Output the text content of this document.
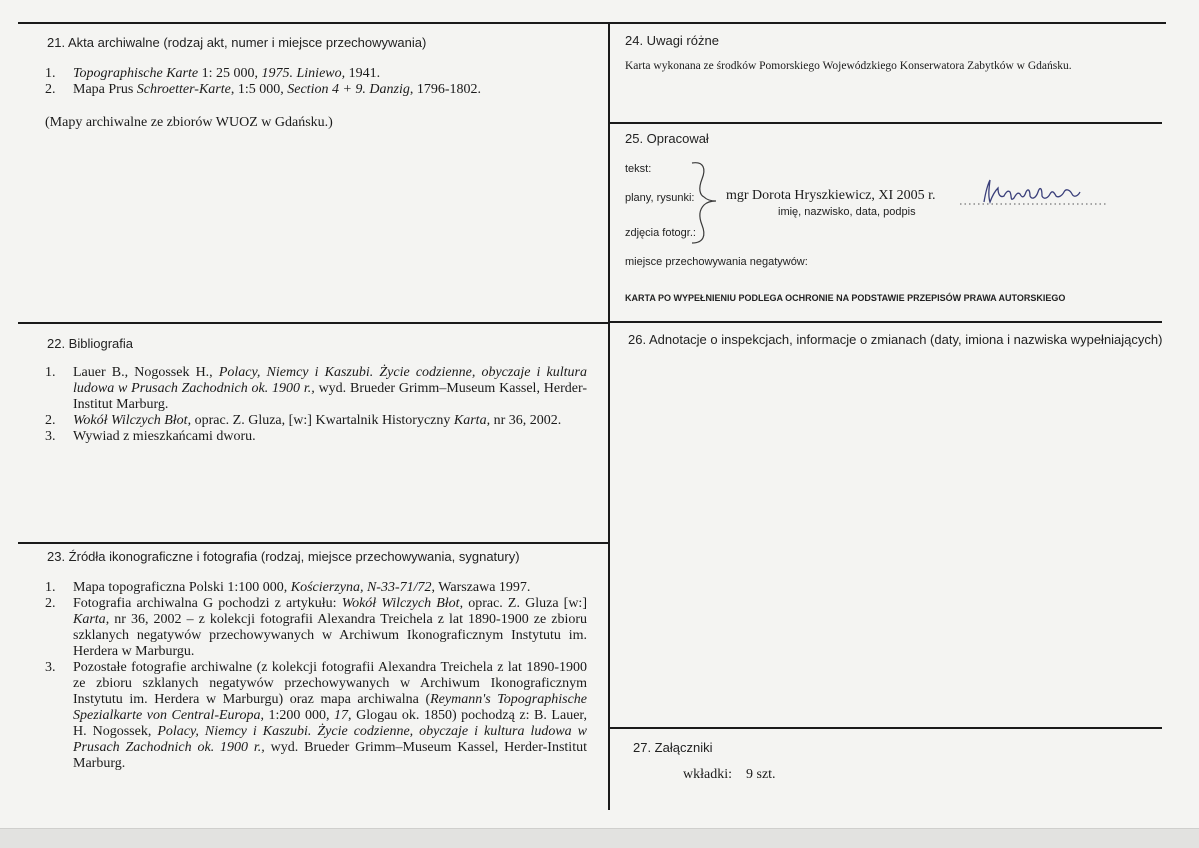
21. Akta archiwalne (rodzaj akt, numer i miejsce przechowywania)
1. Topographische Karte 1: 25 000, 1975. Liniewo, 1941.
2. Mapa Prus Schroetter-Karte, 1:5 000, Section 4 + 9. Danzig, 1796-1802.
(Mapy archiwalne ze zbiorów WUOZ w Gdańsku.)
22. Bibliografia
1. Lauer B., Nogossek H., Polacy, Niemcy i Kaszubi. Życie codzienne, obyczaje i kultura ludowa w Prusach Zachodnich ok. 1900 r., wyd. Brueder Grimm–Museum Kassel, Herder-Institut Marburg.
2. Wokół Wilczych Błot, oprac. Z. Gluza, [w:] Kwartalnik Historyczny Karta, nr 36, 2002.
3. Wywiad z mieszkańcami dworu.
23. Źródła ikonograficzne i fotografia (rodzaj, miejsce przechowywania, sygnatury)
1. Mapa topograficzna Polski 1:100 000, Kościerzyna, N-33-71/72, Warszawa 1997.
2. Fotografia archiwalna G pochodzi z artykułu: Wokół Wilczych Błot, oprac. Z. Gluza [w:] Karta, nr 36, 2002 – z kolekcji fotografii Alexandra Treichela z lat 1890-1900 ze zbioru szklanych negatywów przechowywanych w Archiwum Ikonograficznym Instytutu im. Herdera w Marburgu.
3. Pozostałe fotografie archiwalne (z kolekcji fotografii Alexandra Treichela z lat 1890-1900 ze zbioru szklanych negatywów przechowywanych w Archiwum Ikonograficznym Instytutu im. Herdera w Marburgu) oraz mapa archiwalna (Reymann's Topographische Spezialkarte von Central-Europa, 1:200 000, 17, Glogau ok. 1850) pochodzą z: B. Lauer, H. Nogossek, Polacy, Niemcy i Kaszubi. Życie codzienne, obyczaje i kultura ludowa w Prusach Zachodnich ok. 1900 r., wyd. Brueder Grimm–Museum Kassel, Herder-Institut Marburg.
24. Uwagi różne
Karta wykonana ze środków Pomorskiego Wojewódzkiego Konserwatora Zabytków w Gdańsku.
25. Opracował
tekst:
plany, rysunki:
zdjęcia fotogr.:
mgr Dorota Hryszkiewicz, XI 2005 r.
imię, nazwisko, data, podpis
miejsce przechowywania negatywów:
KARTA PO WYPEŁNIENIU PODLEGA OCHRONIE NA PODSTAWIE PRZEPISÓW PRAWA AUTORSKIEGO
26. Adnotacje o inspekcjach, informacje o zmianach (daty, imiona i nazwiska wypełniających)
27. Załączniki
wkładki: 9 szt.
